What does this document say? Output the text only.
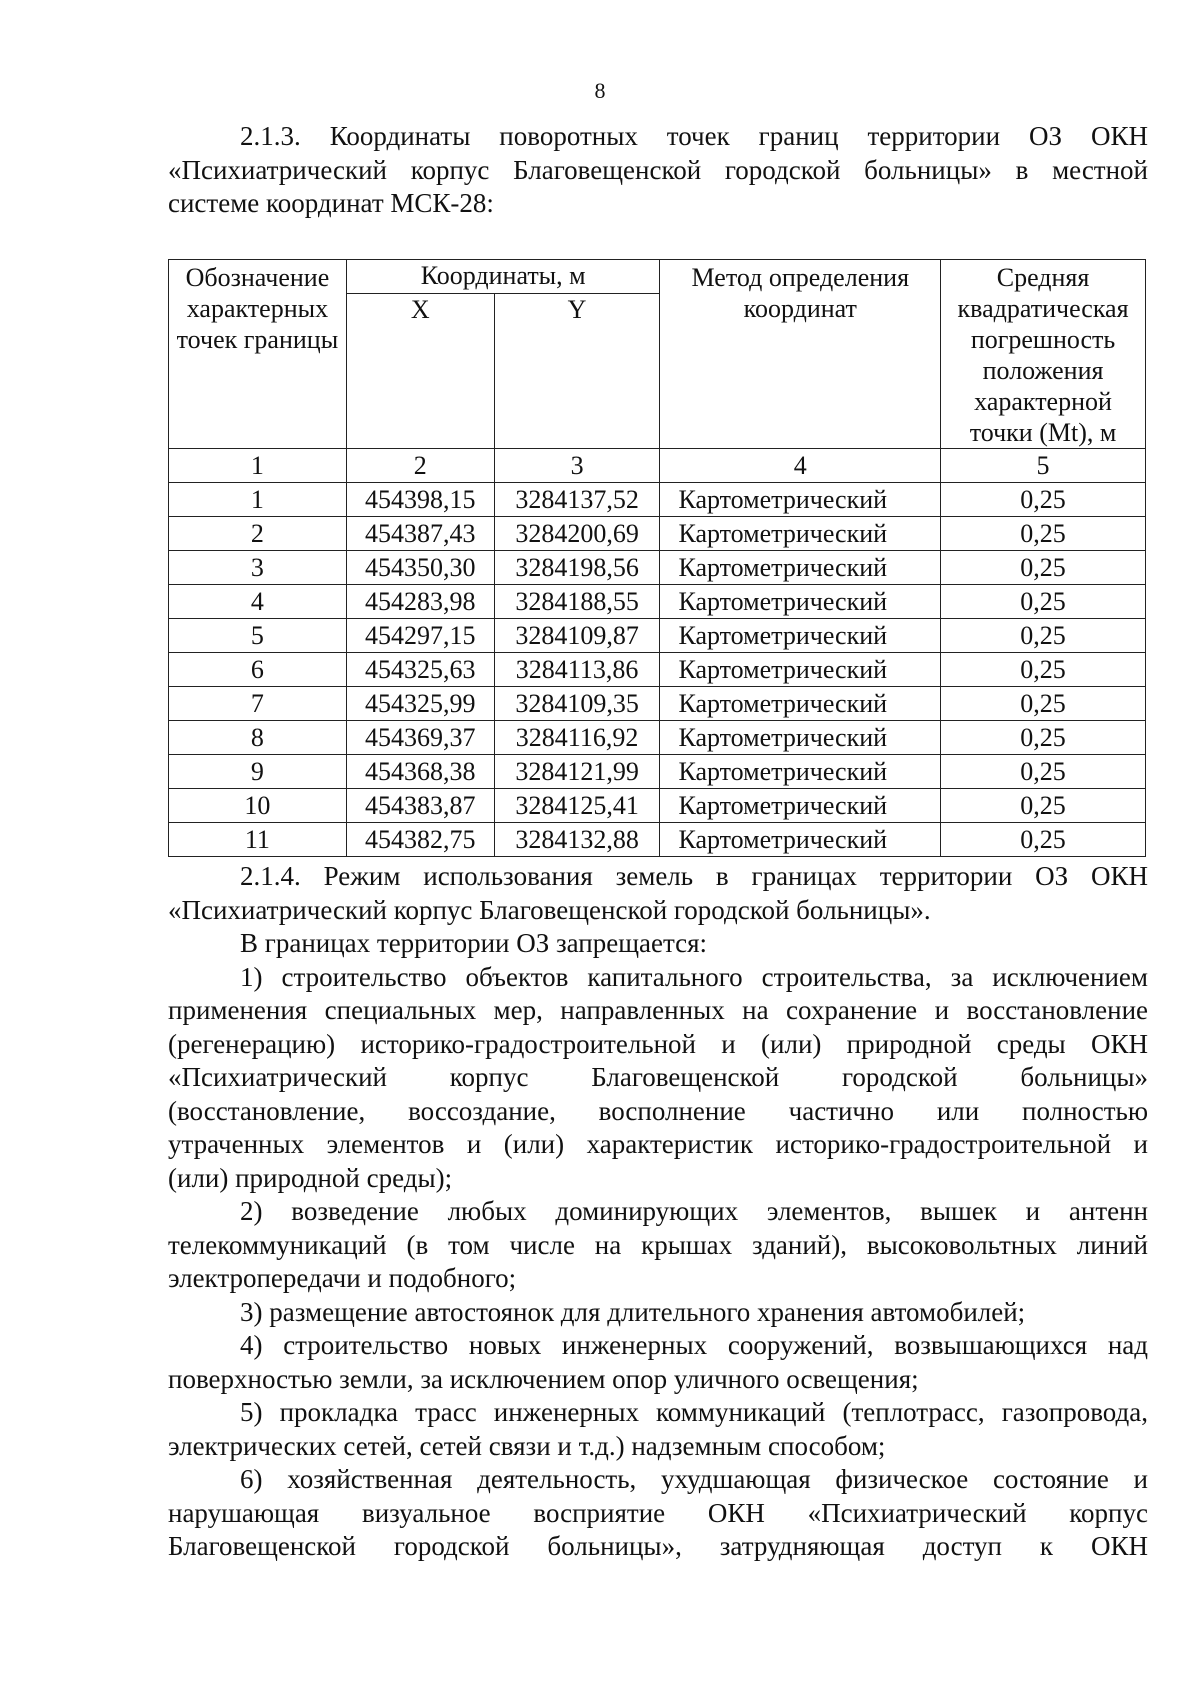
8
2.1.3. Координаты поворотных точек границ территории ОЗ ОКН
«Психиатрический корпус Благовещенской городской больницы» в местной
системе координат МСК-28:
Обозначение характерных точек границы	Координаты, м		Метод определения координат	Средняя квадратическая погрешность положения характерной точки (Mt), м
	X	Y		
1	2	3	4	5
1	454398,15	3284137,52	Картометрический	0,25
2	454387,43	3284200,69	Картометрический	0,25
3	454350,30	3284198,56	Картометрический	0,25
4	454283,98	3284188,55	Картометрический	0,25
5	454297,15	3284109,87	Картометрический	0,25
6	454325,63	3284113,86	Картометрический	0,25
7	454325,99	3284109,35	Картометрический	0,25
8	454369,37	3284116,92	Картометрический	0,25
9	454368,38	3284121,99	Картометрический	0,25
10	454383,87	3284125,41	Картометрический	0,25
11	454382,75	3284132,88	Картометрический	0,25
2.1.4. Режим использования земель в границах территории ОЗ ОКН
«Психиатрический корпус Благовещенской городской больницы».
В границах территории ОЗ запрещается:
1) строительство объектов капитального строительства, за исключением
применения специальных мер, направленных на сохранение и восстановление
(регенерацию) историко-градостроительной и (или) природной среды ОКН
«Психиатрический корпус Благовещенской городской больницы»
(восстановление, воссоздание, восполнение частично или полностью
утраченных элементов и (или) характеристик историко-градостроительной и
(или) природной среды);
2) возведение любых доминирующих элементов, вышек и антенн
телекоммуникаций (в том числе на крышах зданий), высоковольтных линий
электропередачи и подобного;
3) размещение автостоянок для длительного хранения автомобилей;
4) строительство новых инженерных сооружений, возвышающихся над
поверхностью земли, за исключением опор уличного освещения;
5) прокладка трасс инженерных коммуникаций (теплотрасс, газопровода,
электрических сетей, сетей связи и т.д.) надземным способом;
6) хозяйственная деятельность, ухудшающая физическое состояние и
нарушающая визуальное восприятие ОКН «Психиатрический корпус
Благовещенской городской больницы», затрудняющая доступ к ОКН
